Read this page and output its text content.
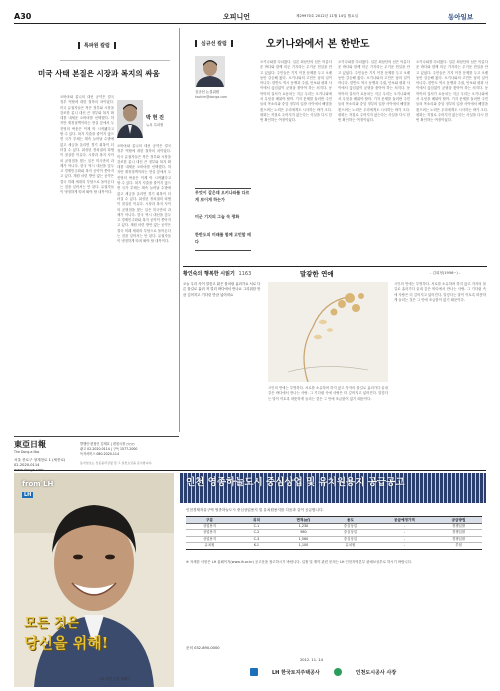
A30	오피니언	제29970호 2012년 11월 14일 월요일	동아일보
특파원 칼럼
미국 사태 본질은 시장과 복지의 싸움
오바마와 롬니의 대선 공약은 결국 정부 역할에 대한 철학의 차이였다. 미국 유권자들은 작은 정부와 시장을 강조한 롬니 대신 큰 정부와 복지 확대를 내세운 오바마를 선택했다. 하지만 재정절벽이라는 현실 앞에서 두 진영의 싸움은 이제 막 시작됐다고 할 수 있다. 복지 지출을 줄이지 않으면 국가 부채는 계속 늘어날 수밖에 없고 세금을 올리면 경기 회복이 더뎌질 수 있다. 워싱턴 정치권의 타협이 절실한 이유다. 시장과 복지 사이의 균형점을 찾는 일은 미국만의 과제가 아니다. 한국 역시 대선을 앞두고 경제민주화와 복지 공약이 쏟아지고 있다. 재원 마련 방안 없는 공약은 결국 미래 세대의 부담으로 돌아온다는 점을 잊어서는 안 된다. 유권자들이 냉정하게 따져 봐야 할 대목이다.
박 현 진
뉴욕 특파원
오바마와 롬니의 대선 공약은 결국 정부 역할에 대한 철학의 차이였다. 미국 유권자들은 작은 정부와 시장을 강조한 롬니 대신 큰 정부와 복지 확대를 내세운 오바마를 선택했다. 하지만 재정절벽이라는 현실 앞에서 두 진영의 싸움은 이제 막 시작됐다고 할 수 있다. 복지 지출을 줄이지 않으면 국가 부채는 계속 늘어날 수밖에 없고 세금을 올리면 경기 회복이 더뎌질 수 있다. 워싱턴 정치권의 타협이 절실한 이유다. 시장과 복지 사이의 균형점을 찾는 일은 미국만의 과제가 아니다. 한국 역시 대선을 앞두고 경제민주화와 복지 공약이 쏟아지고 있다. 재원 마련 방안 없는 공약은 결국 미래 세대의 부담으로 돌아온다는 점을 잊어서는 안 된다. 유권자들이 냉정하게 따져 봐야 할 대목이다.
심규선 칼럼	오키나와에서 본 한반도
심규선 논설위원
ksshim@donga.com
무엇이 같은데 오키나와를 다르게 보이게 하는가
미군 기지의 그늘 속 평화
한반도의 미래를 함께 고민할 때다
오키나와를 다녀왔다. 일본 최남단의 섬은 아름다운 바다와 함께 미군 기지라는 무거운 현실을 안고 있었다. 주민들은 기지 이전 문제를 두고 오랫동안 갈등해 왔다. 오키나와의 고민은 남의 일이 아니다. 한반도 역시 동맹과 주권, 안보와 평화 사이에서 끊임없이 균형을 찾아야 하는 처지다. 동북아의 질서가 요동치는 지금 우리는 오키나와에서 무엇을 배워야 할까. 기지 문제를 둘러싼 주민들의 목소리와 중앙 정부의 입장 사이에서 해법을 찾으려는 노력은 우리에게도 시사하는 바가 크다. 평화는 저절로 주어지지 않는다는 사실을 다시 한 번 확인하는 여정이었다.
오키나와를 다녀왔다. 일본 최남단의 섬은 아름다운 바다와 함께 미군 기지라는 무거운 현실을 안고 있었다. 주민들은 기지 이전 문제를 두고 오랫동안 갈등해 왔다. 오키나와의 고민은 남의 일이 아니다. 한반도 역시 동맹과 주권, 안보와 평화 사이에서 끊임없이 균형을 찾아야 하는 처지다. 동북아의 질서가 요동치는 지금 우리는 오키나와에서 무엇을 배워야 할까. 기지 문제를 둘러싼 주민들의 목소리와 중앙 정부의 입장 사이에서 해법을 찾으려는 노력은 우리에게도 시사하는 바가 크다. 평화는 저절로 주어지지 않는다는 사실을 다시 한 번 확인하는 여정이었다.
오키나와를 다녀왔다. 일본 최남단의 섬은 아름다운 바다와 함께 미군 기지라는 무거운 현실을 안고 있었다. 주민들은 기지 이전 문제를 두고 오랫동안 갈등해 왔다. 오키나와의 고민은 남의 일이 아니다. 한반도 역시 동맹과 주권, 안보와 평화 사이에서 끊임없이 균형을 찾아야 하는 처지다. 동북아의 질서가 요동치는 지금 우리는 오키나와에서 무엇을 배워야 할까. 기지 문제를 둘러싼 주민들의 목소리와 중앙 정부의 입장 사이에서 해법을 찾으려는 노력은 우리에게도 시사하는 바가 크다. 평화는 저절로 주어지지 않는다는 사실을 다시 한 번 확인하는 여정이었다.
황인숙의 행복한 시읽기 1163	말갛한 연애	- 김희정(1956~) -
오늘 우리 사이 말갛고 맑은 물처럼 흘러가요 서로 다른 물길로 흘러 저 멀리 바다에서 만나요 그리워한 만큼 깊어지고 기다린 만큼 넓어져요
시인의 연애는 투명하다. 서로를 소유하려 하지 않고 각자의 물길로 흘러가다 끝내 같은 바다에서 만나는 사랑. 그 기다림 속에 사랑은 더 깊어지고 넓어진다. 말갛다는 말이 이토록 따뜻하게 들리는 것은 그 안에 조급함이 없기 때문이다.
시인의 연애는 투명하다. 서로를 소유하려 하지 않고 각자의 물길로 흘러가다 끝내 같은 바다에서 만나는 사랑. 그 기다림 속에 사랑은 더 깊어지고 넓어진다. 말갛다는 말이 이토록 따뜻하게 들리는 것은 그 안에 조급함이 없기 때문이다.
東亞日報
The Dong-a Ilbo
서울 종로구 청계천로 1 (세종로)
02-2020-0114
발행인·편집인 김재호 | 편집국장 ○○○
광고 02-2020-0114 | 구독 1577-2000
독자서비스 080-2020-114
동아일보는 신문윤리강령 및 그 실천요강을 준수합니다.
from LH
LH
모든 것은
당신을 위해!
LH 희망 공감 캠페인
인천 영종하늘도시 중심상업 및 유치원용지 공급공고
인천경제자유구역 영종하늘도시 중심상업용지 및 유치원용지를 다음과 같이 공급합니다.
구분	위치	면적(㎡)	용도	공급예정가격	공급방법
상업용지	C-1	1,230	중심상업	-	경쟁입찰
상업용지	C-2	980	중심상업	-	경쟁입찰
상업용지	C-3	1,560	중심상업	-	경쟁입찰
유치원	K-1	1,100	유치원	-	추첨
※ 자세한 사항은 LH 홈페이지(www.lh.or.kr) 공고문을 참고하시기 바랍니다. 입찰 및 계약 관련 문의는 LH 인천지역본부 판매보상부로 하시기 바랍니다.
문의 032-890-0000
2012. 11. 14
LH 한국토지주택공사	인천도시공사 사장
